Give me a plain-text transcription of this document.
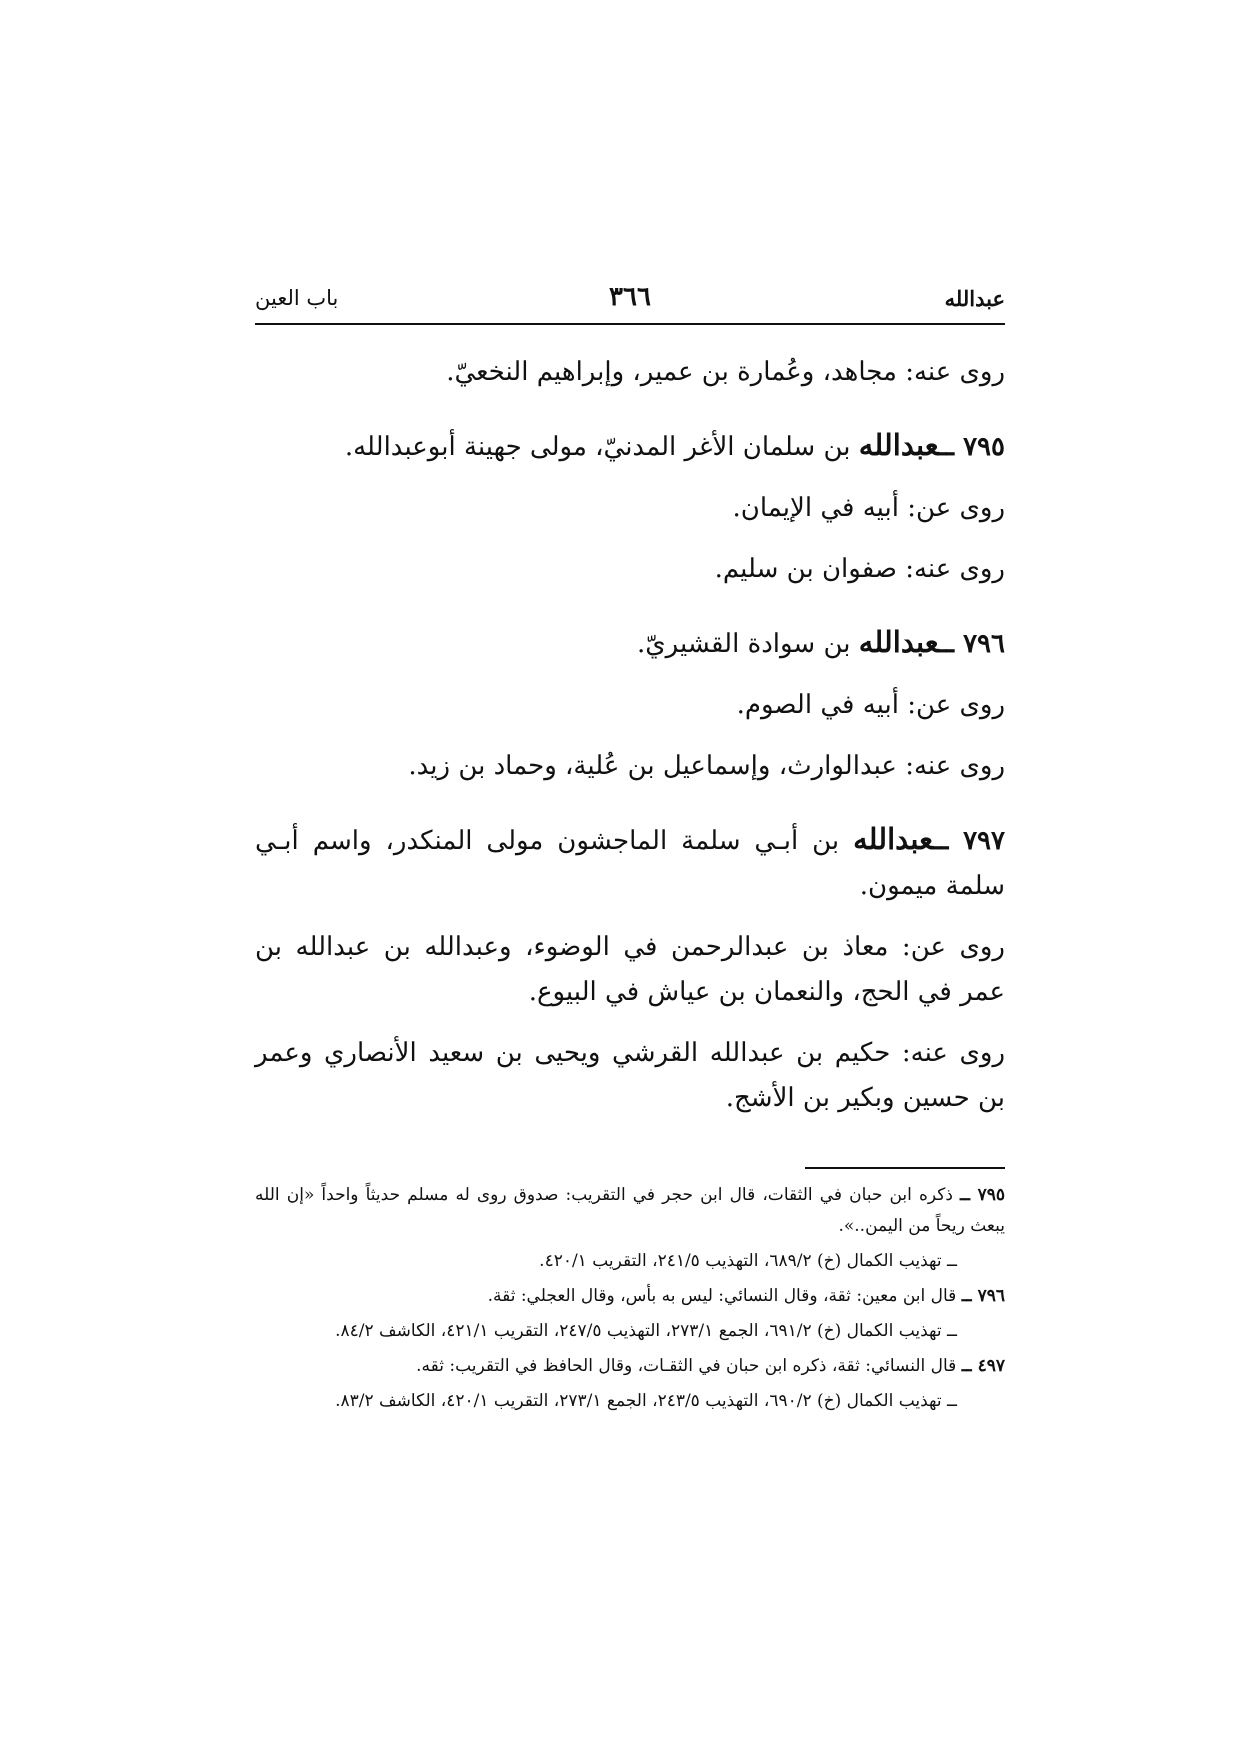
عبدالله
٣٦٦
باب العين

روى عنه: مجاهد، وعُمارة بن عمير، وإبراهيم النخعيّ.

٧٩٥ ــعبدالله بن سلمان الأغر المدنيّ، مولى جهينة أبوعبدالله.

روى عن: أبيه في الإيمان.

روى عنه: صفوان بن سليم.

٧٩٦ ــعبدالله بن سوادة القشيريّ.

روى عن: أبيه في الصوم.

روى عنه: عبدالوارث، وإسماعيل بن عُلية، وحماد بن زيد.

٧٩٧ ــعبدالله بن أبـي سلمة الماجشون مولى المنكدر، واسم أبـي سلمة ميمون.

روى عن: معاذ بن عبدالرحمن في الوضوء، وعبدالله بن عبدالله بن عمر في الحج، والنعمان بن عياش في البيوع.

روى عنه: حكيم بن عبدالله القرشي ويحيى بن سعيد الأنصاري وعمر بن حسين وبكير بن الأشج.

٧٩٥ ــ ذكره ابن حبان في الثقات، قال ابن حجر في التقريب: صدوق روى له مسلم حديثاً واحداً «إن الله يبعث ريحاً من اليمن..».

ــ تهذيب الكمال (خ) ٦٨٩/٢، التهذيب ٢٤١/٥، التقريب ٤٢٠/١.

٧٩٦ ــ قال ابن معين: ثقة، وقال النسائي: ليس به بأس، وقال العجلي: ثقة.

ــ تهذيب الكمال (خ) ٦٩١/٢، الجمع ٢٧٣/١، التهذيب ٢٤٧/٥، التقريب ٤٢١/١، الكاشف ٨٤/٢.

٤٩٧ ــ قال النسائي: ثقة، ذكره ابن حبان في الثقـات، وقال الحافظ في التقريب: ثقه.

ــ تهذيب الكمال (خ) ٦٩٠/٢، التهذيب ٢٤٣/٥، الجمع ٢٧٣/١، التقريب ٤٢٠/١، الكاشف ٨٣/٢.
